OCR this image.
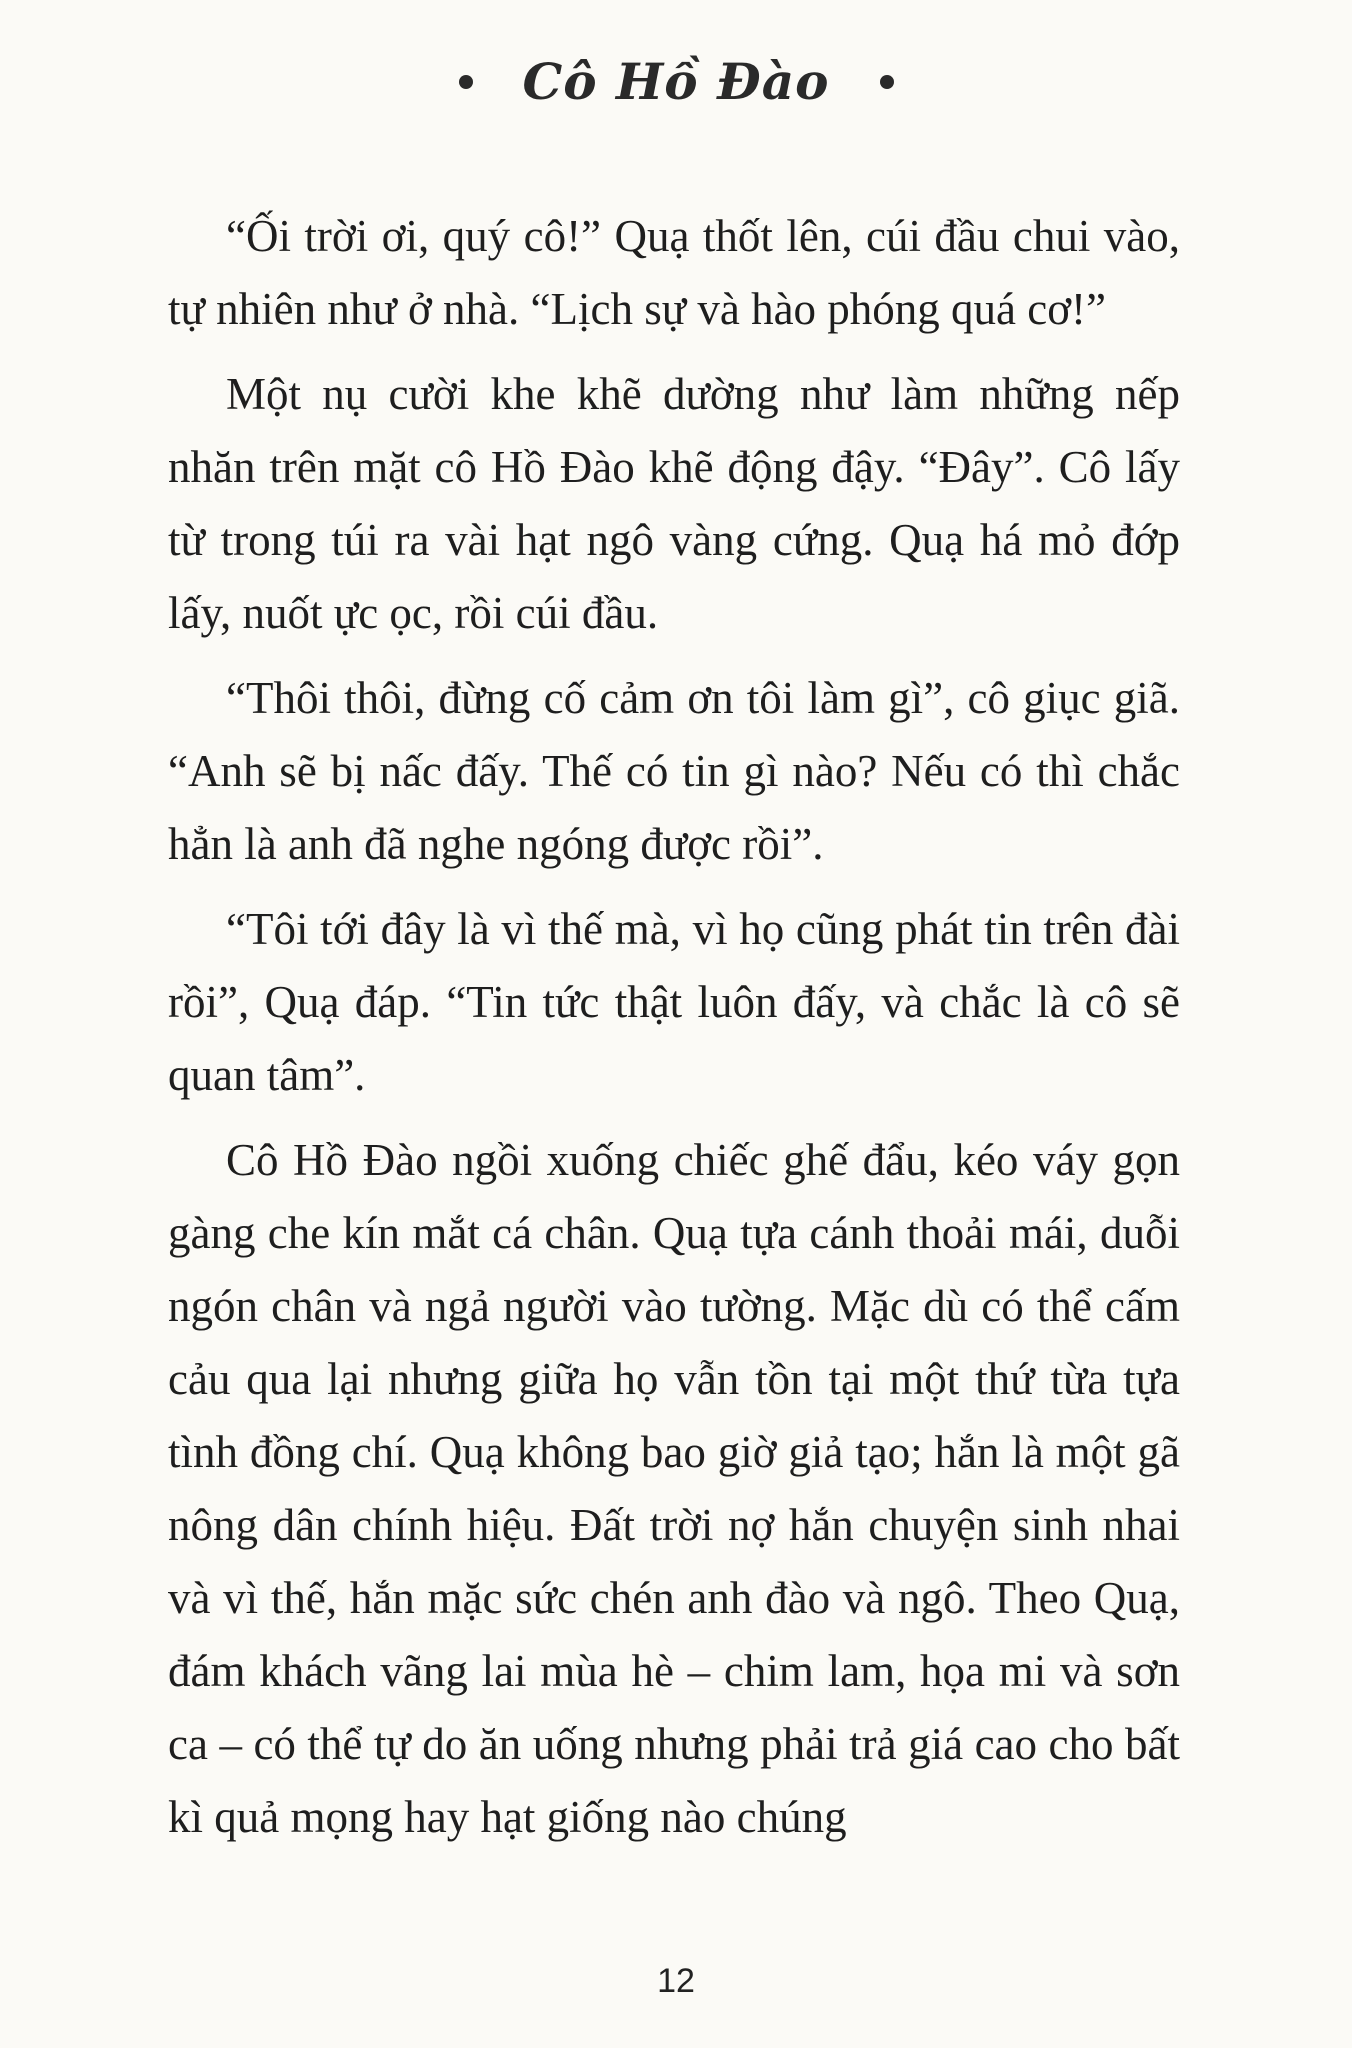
Cô Hồ Đào

“Ối trời ơi, quý cô!” Quạ thốt lên, cúi đầu chui vào, tự nhiên như ở nhà. “Lịch sự và hào phóng quá cơ!”

Một nụ cười khe khẽ dường như làm những nếp nhăn trên mặt cô Hồ Đào khẽ động đậy. “Đây”. Cô lấy từ trong túi ra vài hạt ngô vàng cứng. Quạ há mỏ đớp lấy, nuốt ực ọc, rồi cúi đầu.

“Thôi thôi, đừng cố cảm ơn tôi làm gì”, cô giục giã. “Anh sẽ bị nấc đấy. Thế có tin gì nào? Nếu có thì chắc hẳn là anh đã nghe ngóng được rồi”.

“Tôi tới đây là vì thế mà, vì họ cũng phát tin trên đài rồi”, Quạ đáp. “Tin tức thật luôn đấy, và chắc là cô sẽ quan tâm”.

Cô Hồ Đào ngồi xuống chiếc ghế đẩu, kéo váy gọn gàng che kín mắt cá chân. Quạ tựa cánh thoải mái, duỗi ngón chân và ngả người vào tường. Mặc dù có thể cấm cảu qua lại nhưng giữa họ vẫn tồn tại một thứ từa tựa tình đồng chí. Quạ không bao giờ giả tạo; hắn là một gã nông dân chính hiệu. Đất trời nợ hắn chuyện sinh nhai và vì thế, hắn mặc sức chén anh đào và ngô. Theo Quạ, đám khách vãng lai mùa hè – chim lam, họa mi và sơn ca – có thể tự do ăn uống nhưng phải trả giá cao cho bất kì quả mọng hay hạt giống nào chúng

12
